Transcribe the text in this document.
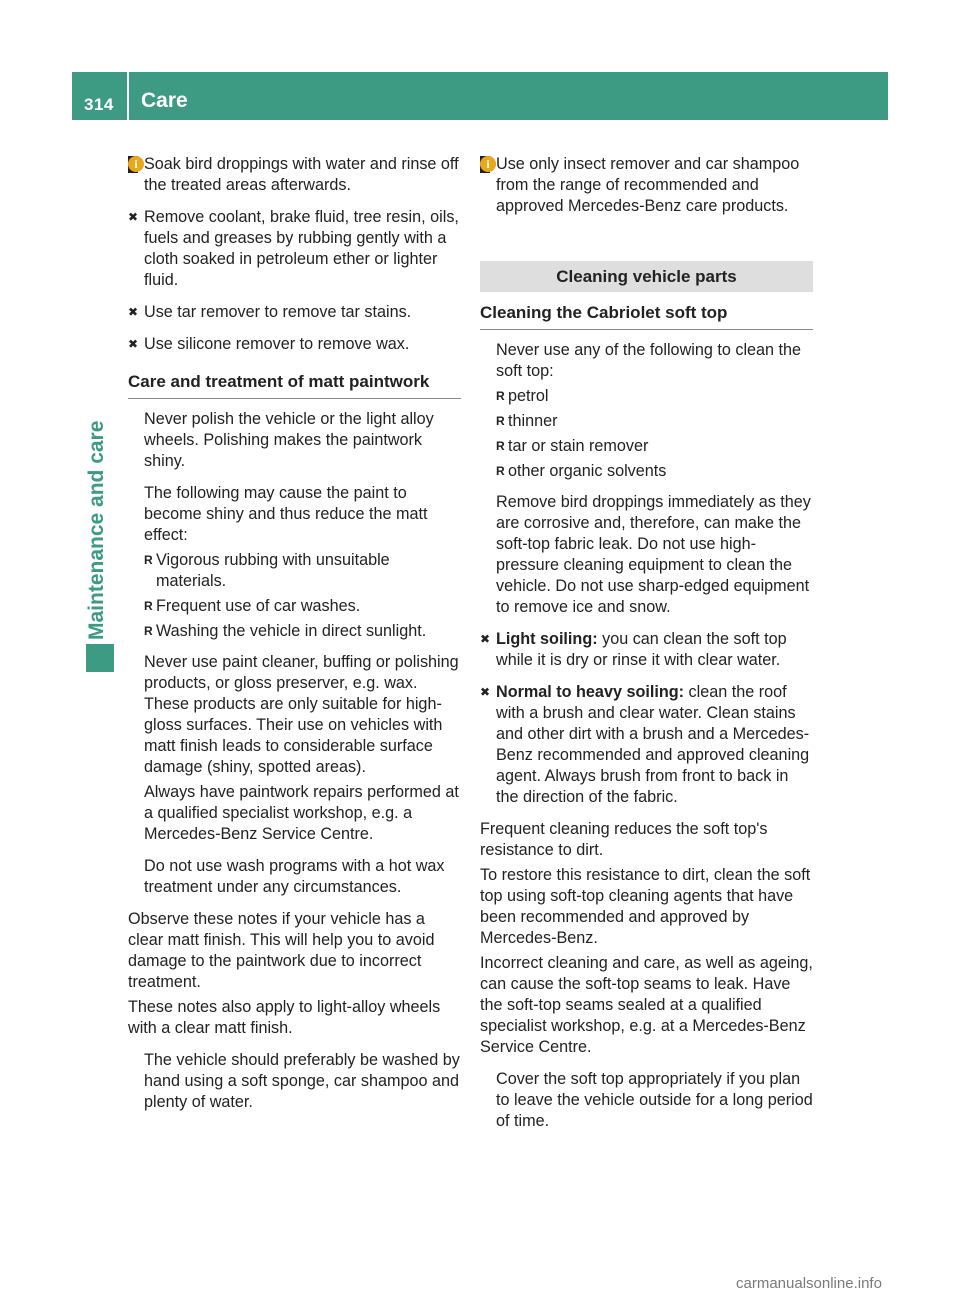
314 Care
Maintenance and care

✖ Soak bird droppings with water and rinse off the treated areas afterwards.

✖ Remove coolant, brake fluid, tree resin, oils, fuels and greases by rubbing gently with a cloth soaked in petroleum ether or lighter fluid.

✖ Use tar remover to remove tar stains.

✖ Use silicone remover to remove wax.

Care and treatment of matt paintwork

! Never polish the vehicle or the light alloy wheels. Polishing makes the paintwork shiny.

! The following may cause the paint to become shiny and thus reduce the matt effect:

R Vigorous rubbing with unsuitable materials.
R Frequent use of car washes.
R Washing the vehicle in direct sunlight.

! Never use paint cleaner, buffing or polishing products, or gloss preserver, e.g. wax. These products are only suitable for high-gloss surfaces. Their use on vehicles with matt finish leads to considerable surface damage (shiny, spotted areas).

Always have paintwork repairs performed at a qualified specialist workshop, e.g. a Mercedes-Benz Service Centre.

! Do not use wash programs with a hot wax treatment under any circumstances.

Observe these notes if your vehicle has a clear matt finish. This will help you to avoid damage to the paintwork due to incorrect treatment.

These notes also apply to light-alloy wheels with a clear matt finish.

i The vehicle should preferably be washed by hand using a soft sponge, car shampoo and plenty of water.

i Use only insect remover and car shampoo from the range of recommended and approved Mercedes-Benz care products.

Cleaning vehicle parts
Cleaning the Cabriolet soft top

! Never use any of the following to clean the soft top:

R petrol
R thinner
R tar or stain remover
R other organic solvents

! Remove bird droppings immediately as they are corrosive and, therefore, can make the soft-top fabric leak. Do not use high-pressure cleaning equipment to clean the vehicle. Do not use sharp-edged equipment to remove ice and snow.

✖ Light soiling: you can clean the soft top while it is dry or rinse it with clear water.

✖ Normal to heavy soiling: clean the roof with a brush and clear water. Clean stains and other dirt with a brush and a Mercedes-Benz recommended and approved cleaning agent. Always brush from front to back in the direction of the fabric.

Frequent cleaning reduces the soft top's resistance to dirt.

To restore this resistance to dirt, clean the soft top using soft-top cleaning agents that have been recommended and approved by Mercedes-Benz.

Incorrect cleaning and care, as well as ageing, can cause the soft-top seams to leak. Have the soft-top seams sealed at a qualified specialist workshop, e.g. at a Mercedes-Benz Service Centre.

i Cover the soft top appropriately if you plan to leave the vehicle outside for a long period of time.

carmanualsonline.info
